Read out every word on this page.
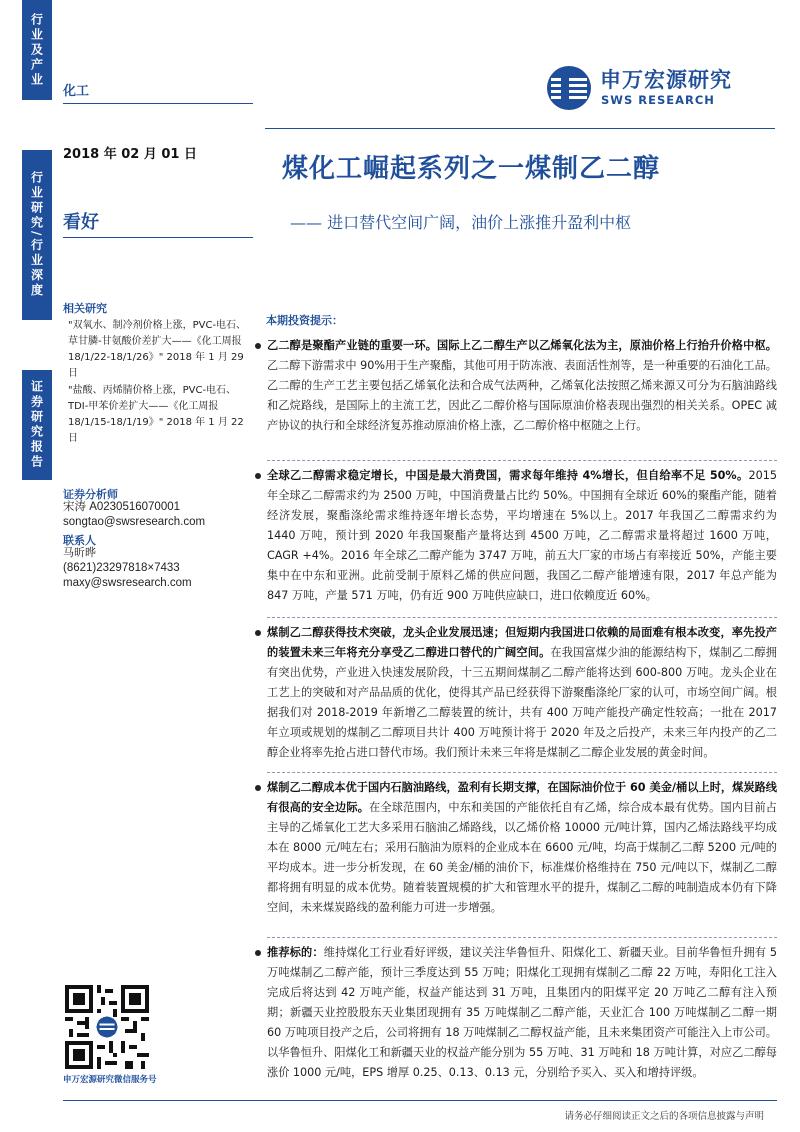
行业及产业
行业研究/行业深度
证券研究报告
化工	申万宏源研究
SWS RESEARCH
2018 年 02 月 01 日
看好
煤化工崛起系列之一煤制乙二醇
—— 进口替代空间广阔，油价上涨推升盈利中枢
相关研究
"双氧水、制冷剂价格上涨，PVC-电石、
草甘膦-甘氨酸价差扩大——《化工周报
18/1/22-18/1/26》" 2018 年 1 月 29
日
"盐酸、丙烯腈价格上涨，PVC-电石、
TDI-甲苯价差扩大——《化工周报
18/1/15-18/1/19》" 2018 年 1 月 22
日
证券分析师
宋涛 A0230516070001
songtao@swsresearch.com
联系人
马昕晔
(8621)23297818×7433
maxy@swsresearch.com
申万宏源研究微信服务号
本期投资提示：
乙二醇是聚酯产业链的重要一环。国际上乙二醇生产以乙烯氧化法为主，原油价格上行抬升价格中枢。乙二醇下游需求中 90%用于生产聚酯，其他可用于防冻液、表面活性剂等，是一种重要的石油化工品。乙二醇的生产工艺主要包括乙烯氧化法和合成气法两种，乙烯氧化法按照乙烯来源又可分为石脑油路线和乙烷路线，是国际上的主流工艺，因此乙二醇价格与国际原油价格表现出强烈的相关关系。OPEC 减产协议的执行和全球经济复苏推动原油价格上涨，乙二醇价格中枢随之上行。
全球乙二醇需求稳定增长，中国是最大消费国，需求每年维持 4%增长，但自给率不足 50%。2015 年全球乙二醇需求约为 2500 万吨，中国消费量占比约 50%。中国拥有全球近 60%的聚酯产能，随着经济发展，聚酯涤纶需求维持逐年增长态势，平均增速在 5%以上。2017 年我国乙二醇需求约为 1440 万吨，预计到 2020 年我国聚酯产量将达到 4500 万吨，乙二醇需求量将超过 1600 万吨，CAGR +4%。2016 年全球乙二醇产能为 3747 万吨，前五大厂家的市场占有率接近 50%，产能主要集中在中东和亚洲。此前受制于原料乙烯的供应问题，我国乙二醇产能增速有限，2017 年总产能为 847 万吨，产量 571 万吨，仍有近 900 万吨供应缺口，进口依赖度近 60%。
煤制乙二醇获得技术突破，龙头企业发展迅速；但短期内我国进口依赖的局面难有根本改变，率先投产的装置未来三年将充分享受乙二醇进口替代的广阔空间。在我国富煤少油的能源结构下，煤制乙二醇拥有突出优势，产业进入快速发展阶段，十三五期间煤制乙二醇产能将达到 600-800 万吨。龙头企业在工艺上的突破和对产品品质的优化，使得其产品已经获得下游聚酯涤纶厂家的认可，市场空间广阔。根据我们对 2018-2019 年新增乙二醇装置的统计，共有 400 万吨产能投产确定性较高；一批在 2017 年立项或规划的煤制乙二醇项目共计 400 万吨预计将于 2020 年及之后投产，未来三年内投产的乙二醇企业将率先抢占进口替代市场。我们预计未来三年将是煤制乙二醇企业发展的黄金时间。
煤制乙二醇成本优于国内石脑油路线，盈利有长期支撑，在国际油价位于 60 美金/桶以上时，煤炭路线有很高的安全边际。在全球范围内，中东和美国的产能依托自有乙烯，综合成本最有优势。国内目前占主导的乙烯氧化工艺大多采用石脑油乙烯路线，以乙烯价格 10000 元/吨计算，国内乙烯法路线平均成本在 8000 元/吨左右；采用石脑油为原料的企业成本在 6600 元/吨，均高于煤制乙二醇 5200 元/吨的平均成本。进一步分析发现，在 60 美金/桶的油价下，标准煤价格维持在 750 元/吨以下，煤制乙二醇都将拥有明显的成本优势。随着装置规模的扩大和管理水平的提升，煤制乙二醇的吨制造成本仍有下降空间，未来煤炭路线的盈利能力可进一步增强。
推荐标的：维持煤化工行业看好评级，建议关注华鲁恒升、阳煤化工、新疆天业。目前华鲁恒升拥有 5 万吨煤制乙二醇产能，预计三季度达到 55 万吨；阳煤化工现拥有煤制乙二醇 22 万吨，寿阳化工注入完成后将达到 42 万吨产能，权益产能达到 31 万吨，且集团内的阳煤平定 20 万吨乙二醇有注入预期；新疆天业控股股东天业集团现拥有 35 万吨煤制乙二醇产能，天业汇合 100 万吨煤制乙二醇一期 60 万吨项目投产之后，公司将拥有 18 万吨煤制乙二醇权益产能，且未来集团资产可能注入上市公司。以华鲁恒升、阳煤化工和新疆天业的权益产能分别为 55 万吨、31 万吨和 18 万吨计算，对应乙二醇每涨价 1000 元/吨，EPS 增厚 0.25、0.13、0.13 元，分别给予买入、买入和增持评级。
请务必仔细阅读正文之后的各项信息披露与声明
